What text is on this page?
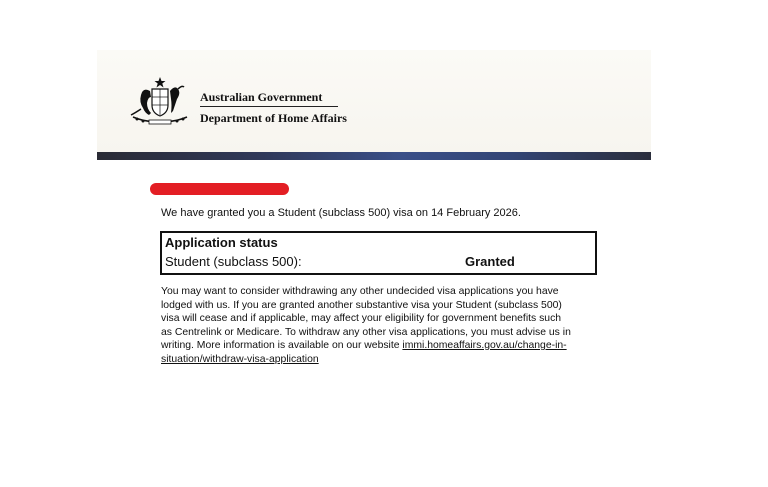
Australian Government
Department of Home Affairs
We have granted you a Student (subclass 500) visa on 14 February 2026.
Application status
Student (subclass 500):	Granted
You may want to consider withdrawing any other undecided visa applications you have
lodged with us. If you are granted another substantive visa your Student (subclass 500)
visa will cease and if applicable, may affect your eligibility for government benefits such
as Centrelink or Medicare. To withdraw any other visa applications, you must advise us in
writing. More information is available on our website immi.homeaffairs.gov.au/change-in-
situation/withdraw-visa-application
